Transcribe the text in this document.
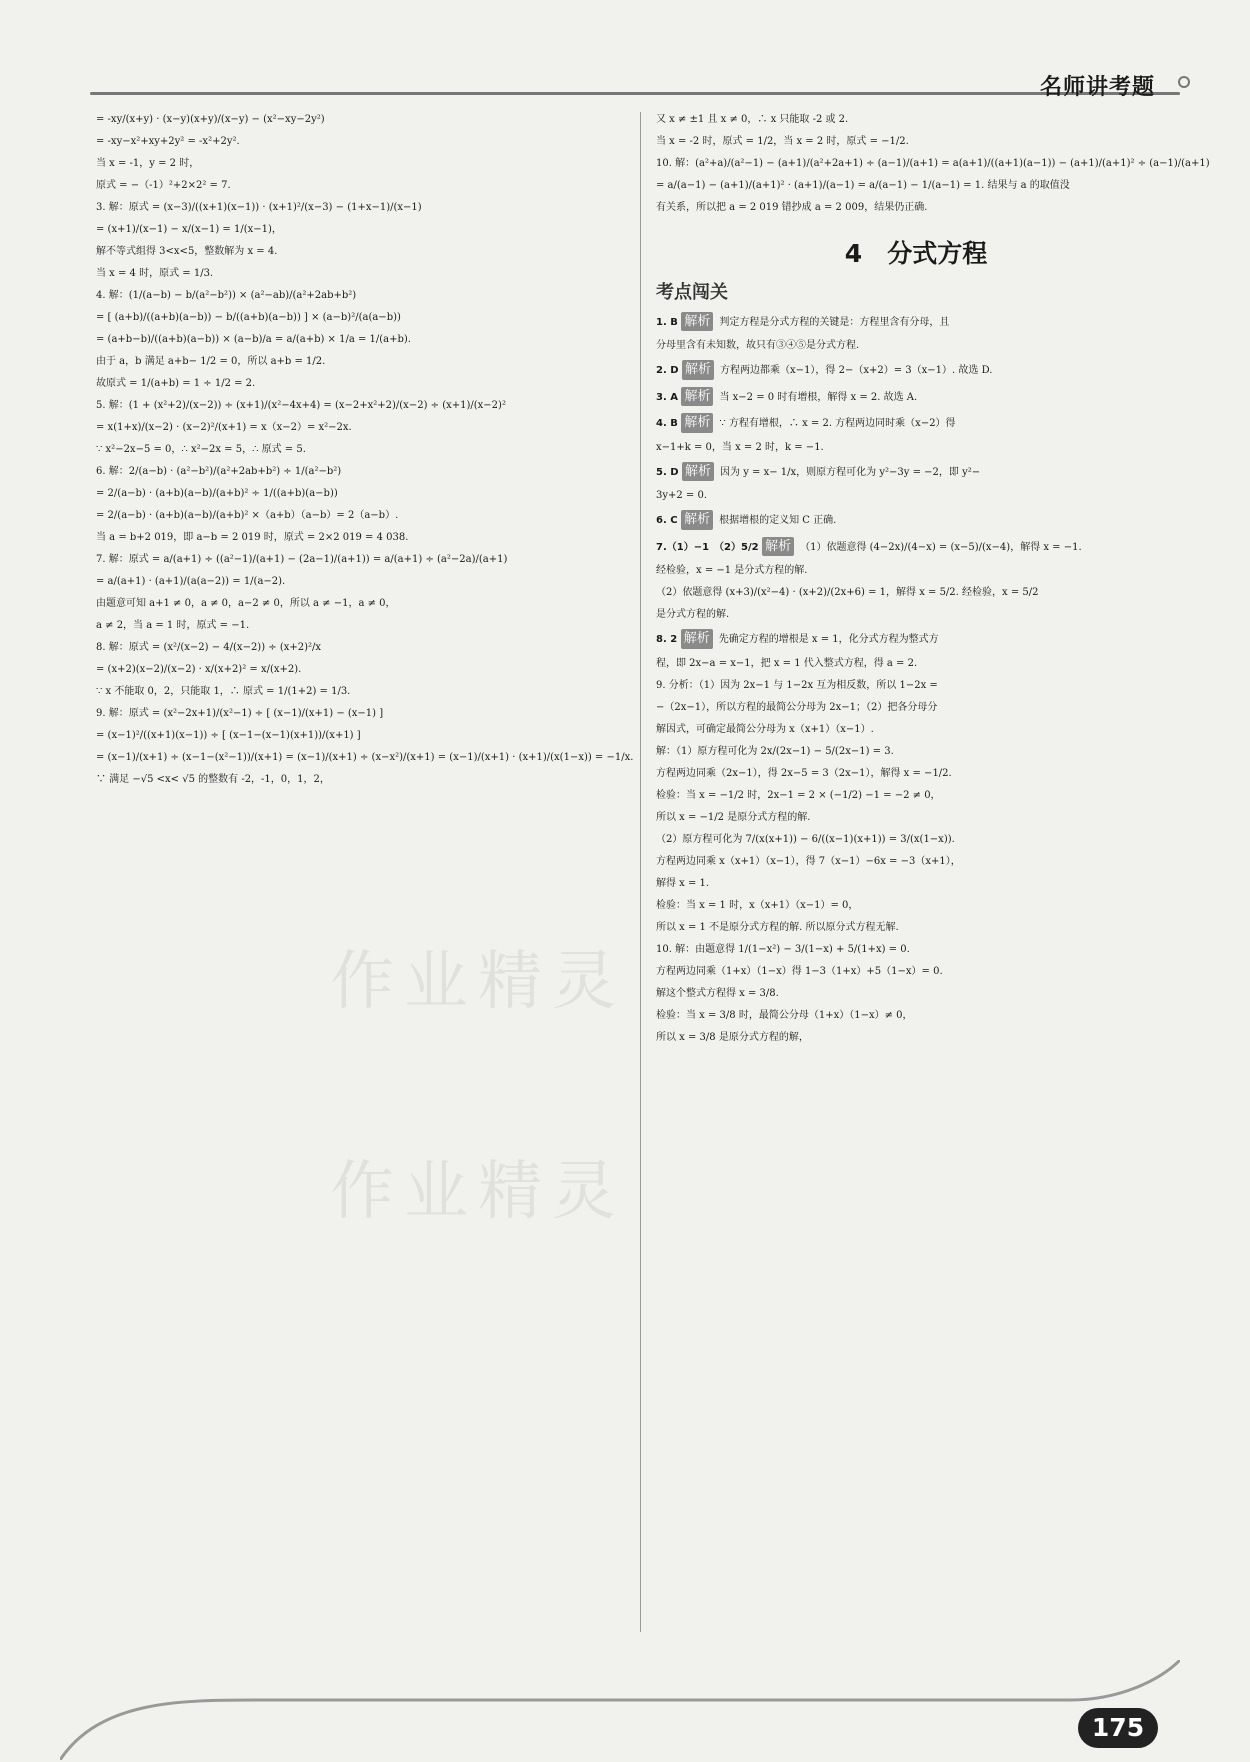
名师讲考题
作业精灵
作业精灵
= -xy/(x+y) · (x−y)(x+y)/(x−y) − (x²−xy−2y²)
= -xy−x²+xy+2y² = -x²+2y².
当 x = -1，y = 2 时，
原式 = −（-1）²+2×2² = 7.
3. 解：原式 = (x−3)/((x+1)(x−1)) · (x+1)²/(x−3) − (1+x−1)/(x−1)
= (x+1)/(x−1) − x/(x−1) = 1/(x−1)，
解不等式组得 3<x<5，整数解为 x = 4.
当 x = 4 时，原式 = 1/3.
4. 解：(1/(a−b) − b/(a²−b²)) × (a²−ab)/(a²+2ab+b²)
= [ (a+b)/((a+b)(a−b)) − b/((a+b)(a−b)) ] × (a−b)²/(a(a−b))
= (a+b−b)/((a+b)(a−b)) × (a−b)/a = a/(a+b) × 1/a = 1/(a+b).
由于 a，b 满足 a+b− 1/2 = 0，所以 a+b = 1/2.
故原式 = 1/(a+b) = 1 ÷ 1/2 = 2.
5. 解：(1 + (x²+2)/(x−2)) ÷ (x+1)/(x²−4x+4) = (x−2+x²+2)/(x−2) ÷ (x+1)/(x−2)²
= x(1+x)/(x−2) · (x−2)²/(x+1) = x（x−2）= x²−2x.
∵ x²−2x−5 = 0，∴ x²−2x = 5，∴ 原式 = 5.
6. 解：2/(a−b) · (a²−b²)/(a²+2ab+b²) ÷ 1/(a²−b²)
= 2/(a−b) · (a+b)(a−b)/(a+b)² ÷ 1/((a+b)(a−b))
= 2/(a−b) · (a+b)(a−b)/(a+b)² ×（a+b）（a−b）= 2（a−b）.
当 a = b+2 019，即 a−b = 2 019 时，原式 = 2×2 019 = 4 038.
7. 解：原式 = a/(a+1) ÷ ((a²−1)/(a+1) − (2a−1)/(a+1)) = a/(a+1) ÷ (a²−2a)/(a+1)
= a/(a+1) · (a+1)/(a(a−2)) = 1/(a−2).
由题意可知 a+1 ≠ 0，a ≠ 0，a−2 ≠ 0，所以 a ≠ −1，a ≠ 0，
a ≠ 2，当 a = 1 时，原式 = −1.
8. 解：原式 = (x²/(x−2) − 4/(x−2)) ÷ (x+2)²/x
= (x+2)(x−2)/(x−2) · x/(x+2)² = x/(x+2).
∵ x 不能取 0，2，只能取 1，∴ 原式 = 1/(1+2) = 1/3.
9. 解：原式 = (x²−2x+1)/(x²−1) ÷ [ (x−1)/(x+1) − (x−1) ]
= (x−1)²/((x+1)(x−1)) ÷ [ (x−1−(x−1)(x+1))/(x+1) ]
= (x−1)/(x+1) ÷ (x−1−(x²−1))/(x+1) = (x−1)/(x+1) ÷ (x−x²)/(x+1) = (x−1)/(x+1) · (x+1)/(x(1−x)) = −1/x.
∵ 满足 −√5 <x< √5 的整数有 -2，-1，0，1，2，
又 x ≠ ±1 且 x ≠ 0，∴ x 只能取 -2 或 2.
当 x = -2 时，原式 = 1/2，当 x = 2 时，原式 = −1/2.
10. 解：(a²+a)/(a²−1) − (a+1)/(a²+2a+1) ÷ (a−1)/(a+1) = a(a+1)/((a+1)(a−1)) − (a+1)/(a+1)² ÷ (a−1)/(a+1)
= a/(a−1) − (a+1)/(a+1)² · (a+1)/(a−1) = a/(a−1) − 1/(a−1) = 1. 结果与 a 的取值没
有关系，所以把 a = 2 019 错抄成 a = 2 009，结果仍正确.
4　分式方程
考点闯关
1. B 解析 判定方程是分式方程的关键是：方程里含有分母，且
分母里含有未知数，故只有③④⑤是分式方程.
2. D 解析 方程两边都乘（x−1），得 2−（x+2）= 3（x−1）. 故选 D.
3. A 解析 当 x−2 = 0 时有增根，解得 x = 2. 故选 A.
4. B 解析 ∵ 方程有增根，∴ x = 2. 方程两边同时乘（x−2）得
x−1+k = 0，当 x = 2 时，k = −1.
5. D 解析 因为 y = x− 1/x，则原方程可化为 y²−3y = −2，即 y²−
3y+2 = 0.
6. C 解析 根据增根的定义知 C 正确.
7.（1）−1　（2）5/2 解析 （1）依题意得 (4−2x)/(4−x) = (x−5)/(x−4)，解得 x = −1.
经检验，x = −1 是分式方程的解.
（2）依题意得 (x+3)/(x²−4) · (x+2)/(2x+6) = 1，解得 x = 5/2. 经检验，x = 5/2
是分式方程的解.
8. 2 解析 先确定方程的增根是 x = 1，化分式方程为整式方
程，即 2x−a = x−1，把 x = 1 代入整式方程，得 a = 2.
9. 分析：（1）因为 2x−1 与 1−2x 互为相反数，所以 1−2x =
−（2x−1），所以方程的最简公分母为 2x−1；（2）把各分母分
解因式，可确定最简公分母为 x（x+1）（x−1）.
解：（1）原方程可化为 2x/(2x−1) − 5/(2x−1) = 3.
方程两边同乘（2x−1），得 2x−5 = 3（2x−1），解得 x = −1/2.
检验：当 x = −1/2 时，2x−1 = 2 × (−1/2) −1 = −2 ≠ 0，
所以 x = −1/2 是原分式方程的解.
（2）原方程可化为 7/(x(x+1)) − 6/((x−1)(x+1)) = 3/(x(1−x)).
方程两边同乘 x（x+1）（x−1），得 7（x−1）−6x = −3（x+1），
解得 x = 1.
检验：当 x = 1 时，x（x+1）（x−1）= 0，
所以 x = 1 不是原分式方程的解. 所以原分式方程无解.
10. 解：由题意得 1/(1−x²) − 3/(1−x) + 5/(1+x) = 0.
方程两边同乘（1+x）（1−x）得 1−3（1+x）+5（1−x）= 0.
解这个整式方程得 x = 3/8.
检验：当 x = 3/8 时，最简公分母（1+x）（1−x）≠ 0，
所以 x = 3/8 是原分式方程的解，
175
